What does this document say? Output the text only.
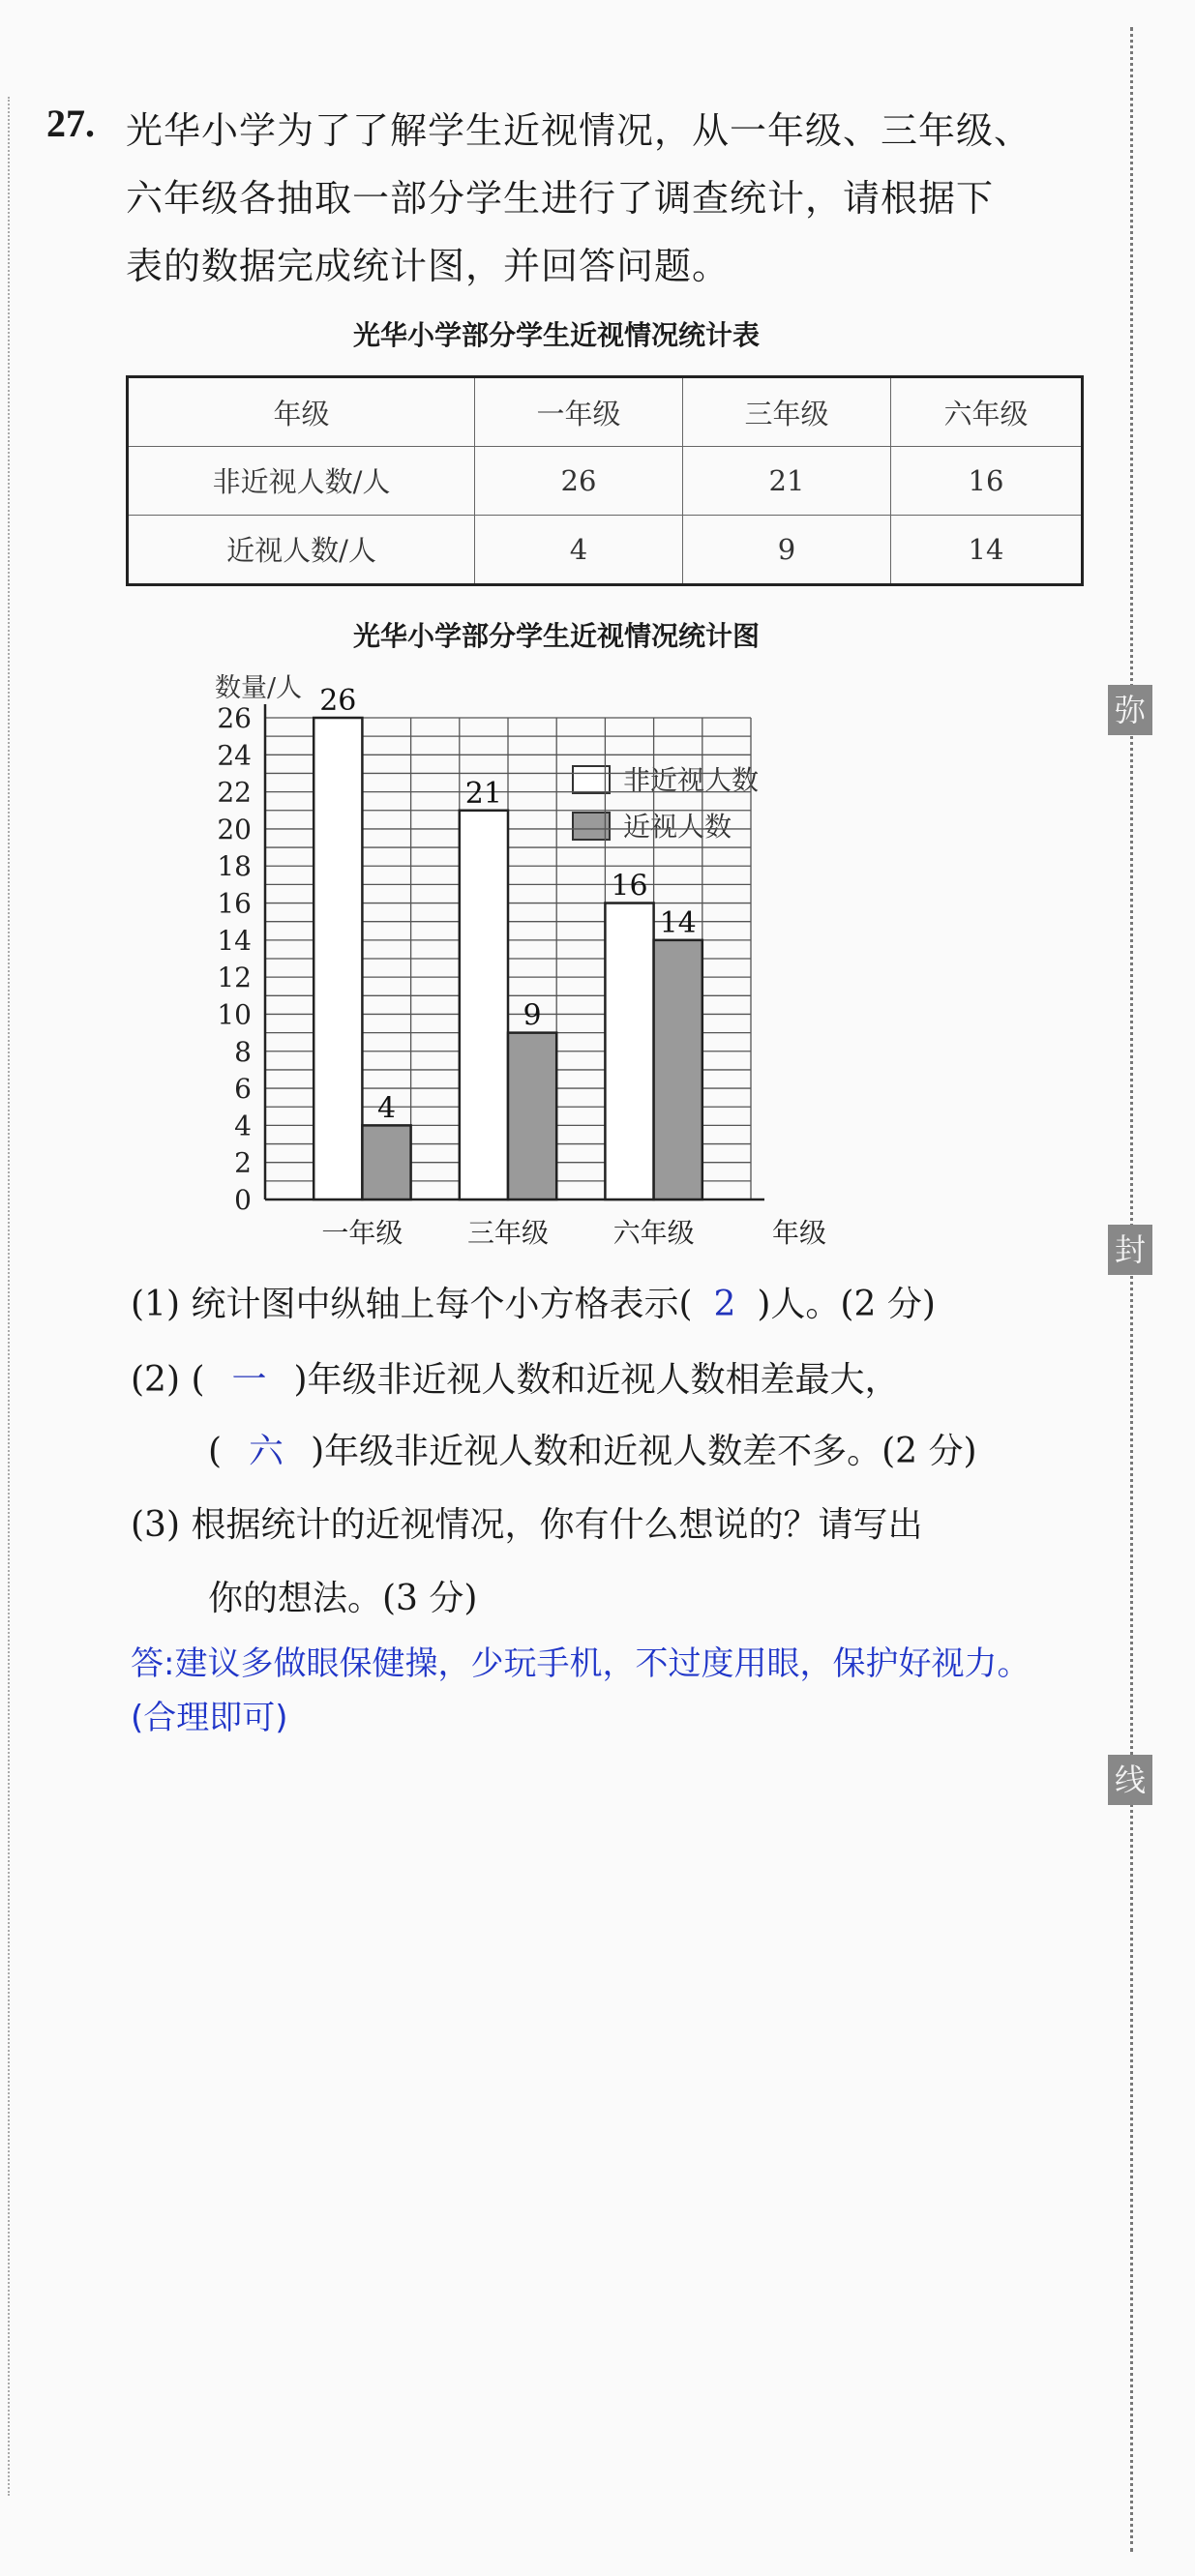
弥
封
线
27. 光华小学为了了解学生近视情况，从一年级、三年级、
六年级各抽取一部分学生进行了调查统计，请根据下
表的数据完成统计图，并回答问题。
光华小学部分学生近视情况统计表
年级	一年级	三年级	六年级
非近视人数/人	26	21	16
近视人数/人	4	9	14
光华小学部分学生近视情况统计图
非近视人数
近视人数
0
2
4
6
8
10
12
14
16
18
20
22
24
26
数量/人 26
4
一年级
21
9
三年级
16
14
六年级	年级
(1) 统计图中纵轴上每个小方格表示( 2 )人。(2 分)
(2) ( 一 )年级非近视人数和近视人数相差最大，
( 六 )年级非近视人数和近视人数差不多。(2 分)
(3) 根据统计的近视情况，你有什么想说的？请写出
你的想法。(3 分)
答:建议多做眼保健操，少玩手机，不过度用眼，保护好视力。
(合理即可)
